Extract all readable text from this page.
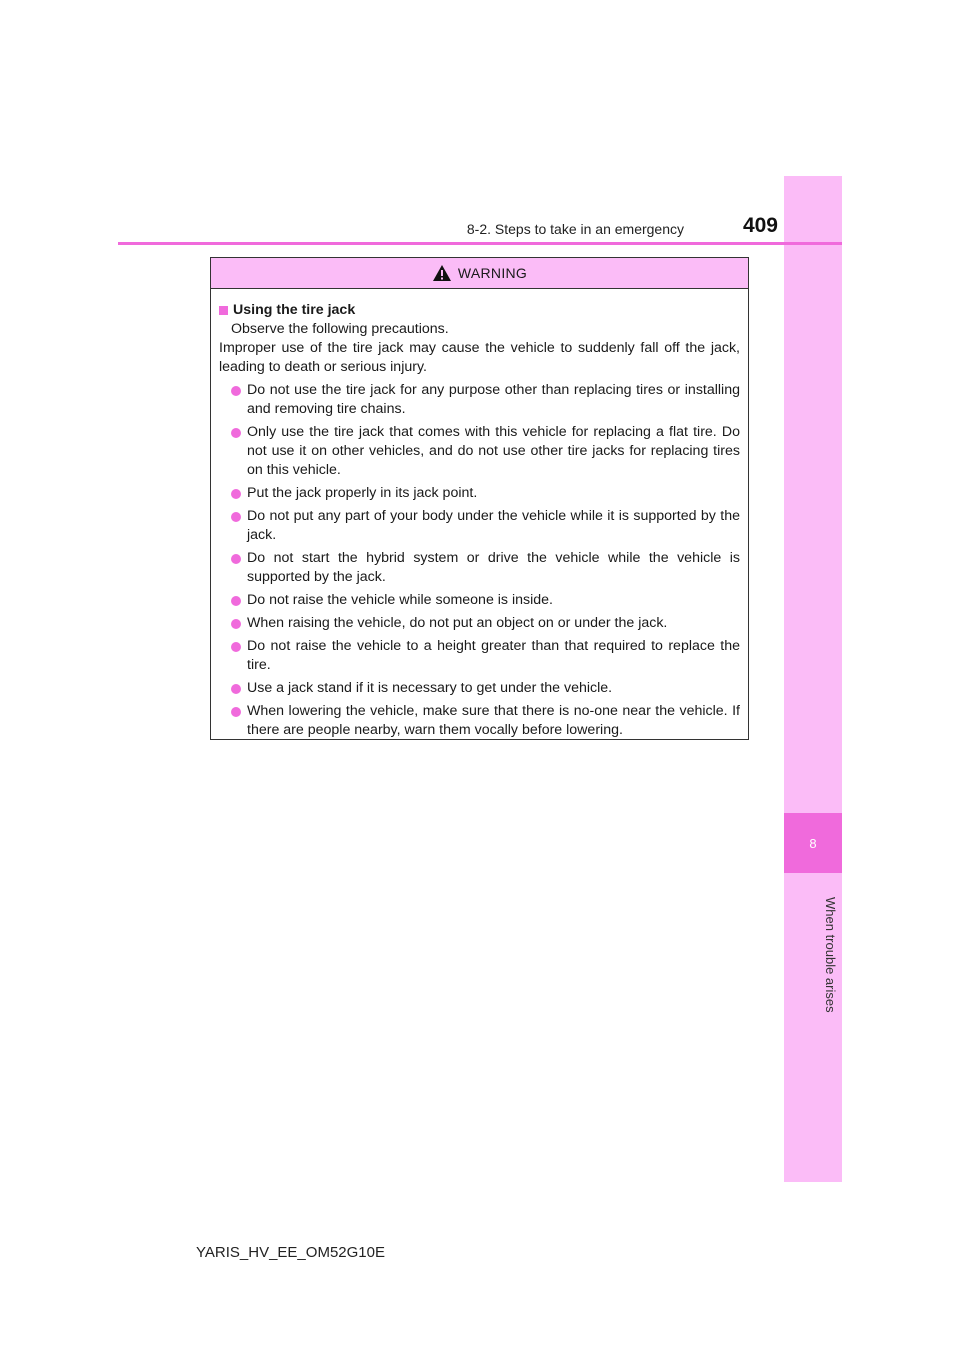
8
When trouble arises
8-2. Steps to take in an emergency	409
WARNING
Using the tire jack

Observe the following precautions.

Improper use of the tire jack may cause the vehicle to suddenly fall off the jack, leading to death or serious injury.

Do not use the tire jack for any purpose other than replacing tires or installing and removing tire chains.
Only use the tire jack that comes with this vehicle for replacing a flat tire. Do not use it on other vehicles, and do not use other tire jacks for replacing tires on this vehicle.
Put the jack properly in its jack point.
Do not put any part of your body under the vehicle while it is supported by the jack.
Do not start the hybrid system or drive the vehicle while the vehicle is supported by the jack.
Do not raise the vehicle while someone is inside.
When raising the vehicle, do not put an object on or under the jack.
Do not raise the vehicle to a height greater than that required to replace the tire.
Use a jack stand if it is necessary to get under the vehicle.
When lowering the vehicle, make sure that there is no-one near the vehicle. If there are people nearby, warn them vocally before lowering.
YARIS_HV_EE_OM52G10E
